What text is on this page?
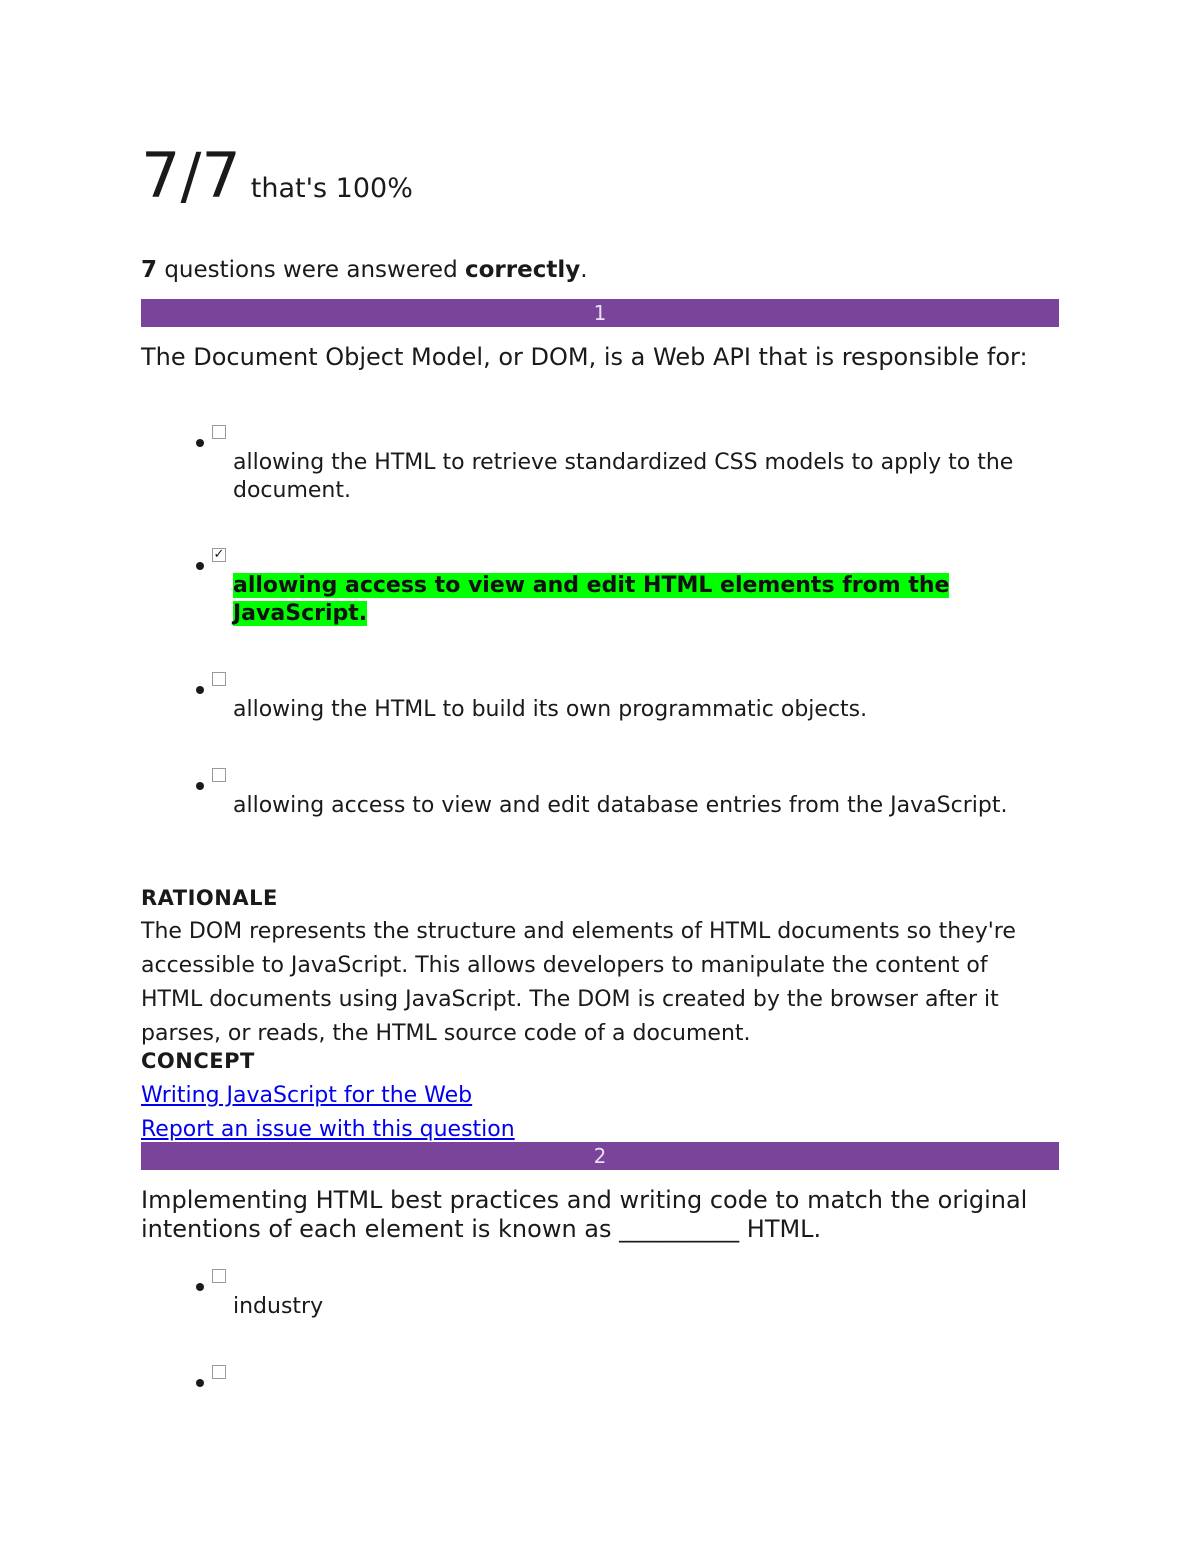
7/7 that's 100%
7 questions were answered correctly.
1
The Document Object Model, or DOM, is a Web API that is responsible for:
allowing the HTML to retrieve standardized CSS models to apply to the document.
✓
allowing access to view and edit HTML elements from the JavaScript.
allowing the HTML to build its own programmatic objects.
allowing access to view and edit database entries from the JavaScript.
RATIONALE
The DOM represents the structure and elements of HTML documents so they're accessible to JavaScript. This allows developers to manipulate the content of HTML documents using JavaScript. The DOM is created by the browser after it parses, or reads, the HTML source code of a document.
CONCEPT
Writing JavaScript for the Web
Report an issue with this question
2
Implementing HTML best practices and writing code to match the original intentions of each element is known as __________ HTML.
industry
